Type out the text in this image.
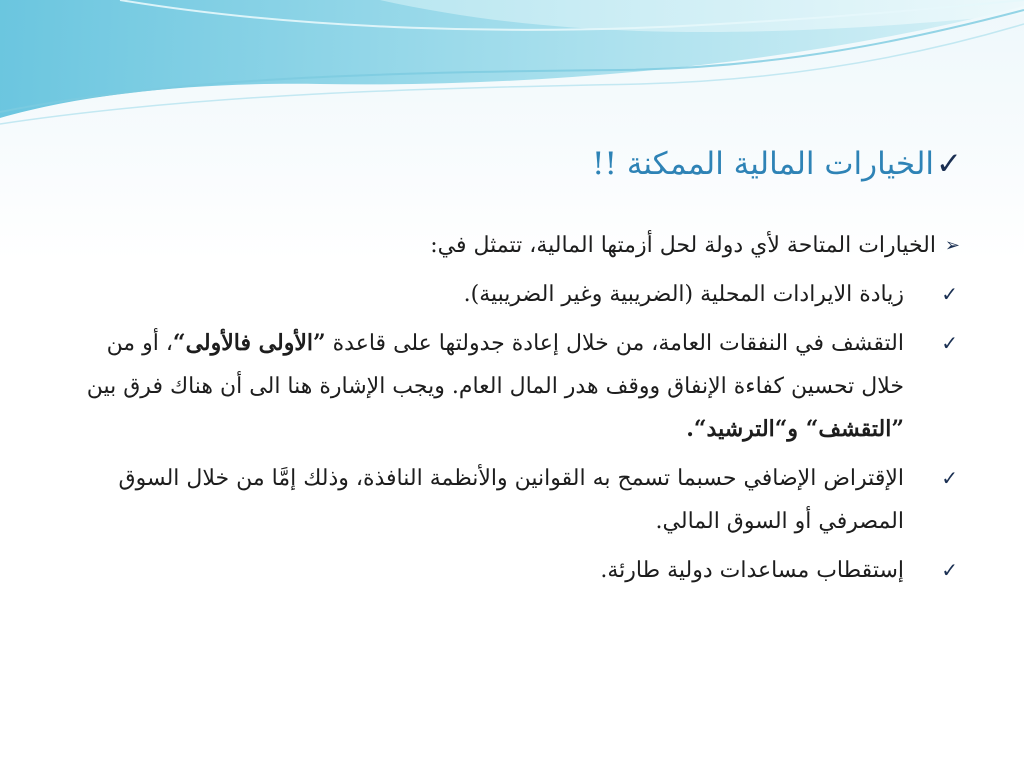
✓الخيارات المالية الممكنة !!
➢
الخيارات المتاحة لأي دولة لحل أزمتها المالية، تتمثل في:
✓
زيادة الايرادات المحلية (الضريبية وغير الضريبية).
✓
التقشف في النفقات العامة، من خلال إعادة جدولتها على قاعدة ”الأولى فالأولى“، أو من خلال تحسين كفاءة الإنفاق ووقف هدر المال العام. ويجب الإشارة هنا الى أن هناك فرق بين ”التقشف“ و“الترشيد“.
✓
الإقتراض الإضافي حسبما تسمح به القوانين والأنظمة النافذة، وذلك إمَّا من خلال السوق المصرفي أو السوق المالي.
✓
إستقطاب مساعدات دولية طارئة.
